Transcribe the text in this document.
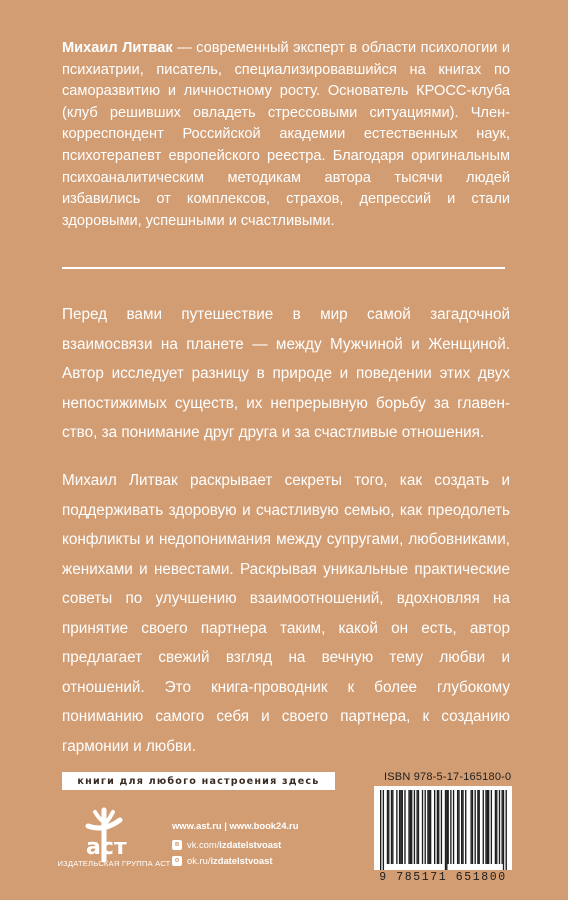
Михаил Литвак — современный эксперт в области психологии и психиатрии, писатель, специализировавшийся на книгах по саморазвитию и личностному росту. Основатель КРОСС-клуба (клуб решивших овладеть стрессовыми ситуациями). Член-корреспондент Российской академии естественных наук, психотерапевт европейского реестра. Благодаря оригинальным психоаналитическим методикам автора тысячи людей избавились от комплексов, страхов, депрессий и стали здоровыми, успешными и счастливыми.

Перед вами путешествие в мир самой загадочной взаимосвязи на планете — между Мужчиной и Женщиной. Автор исследует разницу в природе и поведении этих двух непостижимых существ, их непрерывную борьбу за главенство, за понимание друг друга и за счастливые отношения.

Михаил Литвак раскрывает секреты того, как создать и поддерживать здоровую и счастливую семью, как преодолеть конфликты и недопонимания между супругами, любовниками, женихами и невестами. Раскрывая уникальные практические советы по улучшению взаимоотношений, вдохновляя на принятие своего партнера таким, какой он есть, автор предлагает свежий взгляд на вечную тему любви и отношений. Это книга-проводник к более глубокому пониманию самого себя и своего партнера, к созданию гармонии и любви.

книги для любого настроения здесь
аст
ИЗДАТЕЛЬСКАЯ ГРУППА АСТ
www.ast.ru | www.book24.ru
в vk.com/izdatelstvoast
о ok.ru/izdatelstvoast
ISBN 978-5-17-165180-0
9 785171 651800
